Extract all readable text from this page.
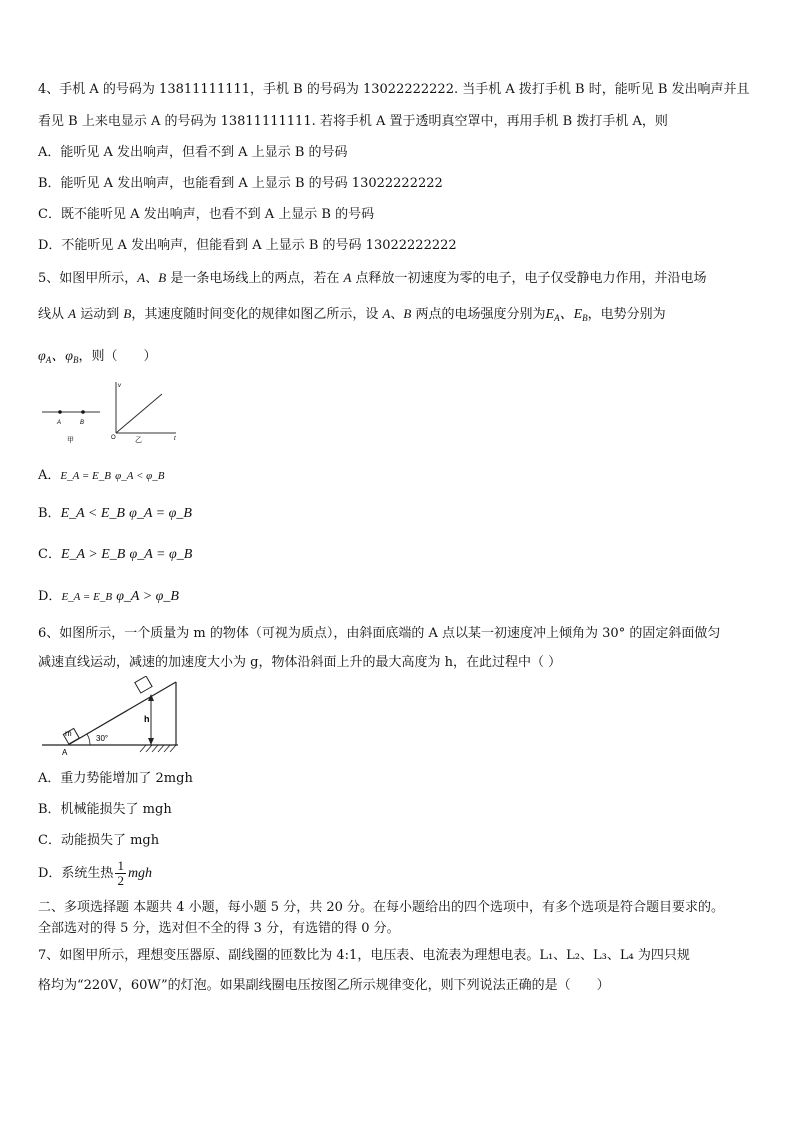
4、手机 A 的号码为 13811111111，手机 B 的号码为 13022222222. 当手机 A 拨打手机 B 时，能听见 B 发出响声并且
看见 B 上来电显示 A 的号码为 13811111111. 若将手机 A 置于透明真空罩中，再用手机 B 拨打手机 A，则
A．能听见 A 发出响声，但看不到 A 上显示 B 的号码
B．能听见 A 发出响声，也能看到 A 上显示 B 的号码 13022222222
C．既不能听见 A 发出响声，也看不到 A 上显示 B 的号码
D．不能听见 A 发出响声，但能看到 A 上显示 B 的号码 13022222222
5、如图甲所示，A、B 是一条电场线上的两点，若在 A 点释放一初速度为零的电子，电子仅受静电力作用，并沿电场
线从 A 运动到 B，其速度随时间变化的规律如图乙所示，设 A、B 两点的电场强度分别为$E_A$、$E_B$，电势分别为
$\varphi_A$、$\varphi_B$，则（　　）
A	B
甲
v
t
O	乙
A．E_A = E_B φ_A < φ_B
B．E_A < E_B φ_A = φ_B
C．E_A > E_B φ_A = φ_B
D．E_A = E_B φ_A > φ_B
6、如图所示，一个质量为 m 的物体（可视为质点），由斜面底端的 A 点以某一初速度冲上倾角为 30° 的固定斜面做匀
减速直线运动，减速的加速度大小为 g，物体沿斜面上升的最大高度为 h，在此过程中（ ）
m
A
30°
h
A．重力势能增加了 2mgh
B．机械能损失了 mgh
C．动能损失了 mgh
D．系统生热 $\frac{1}{2}$ mgh
二、多项选择题 本题共 4 小题，每小题 5 分，共 20 分。在每小题给出的四个选项中，有多个选项是符合题目要求的。
全部选对的得 5 分，选对但不全的得 3 分，有选错的得 0 分。
7、如图甲所示，理想变压器原、副线圈的匝数比为 4:1，电压表、电流表为理想电表。L₁、L₂、L₃、L₄ 为四只规
格均为“220V，60W”的灯泡。如果副线圈电压按图乙所示规律变化，则下列说法正确的是（　　）
